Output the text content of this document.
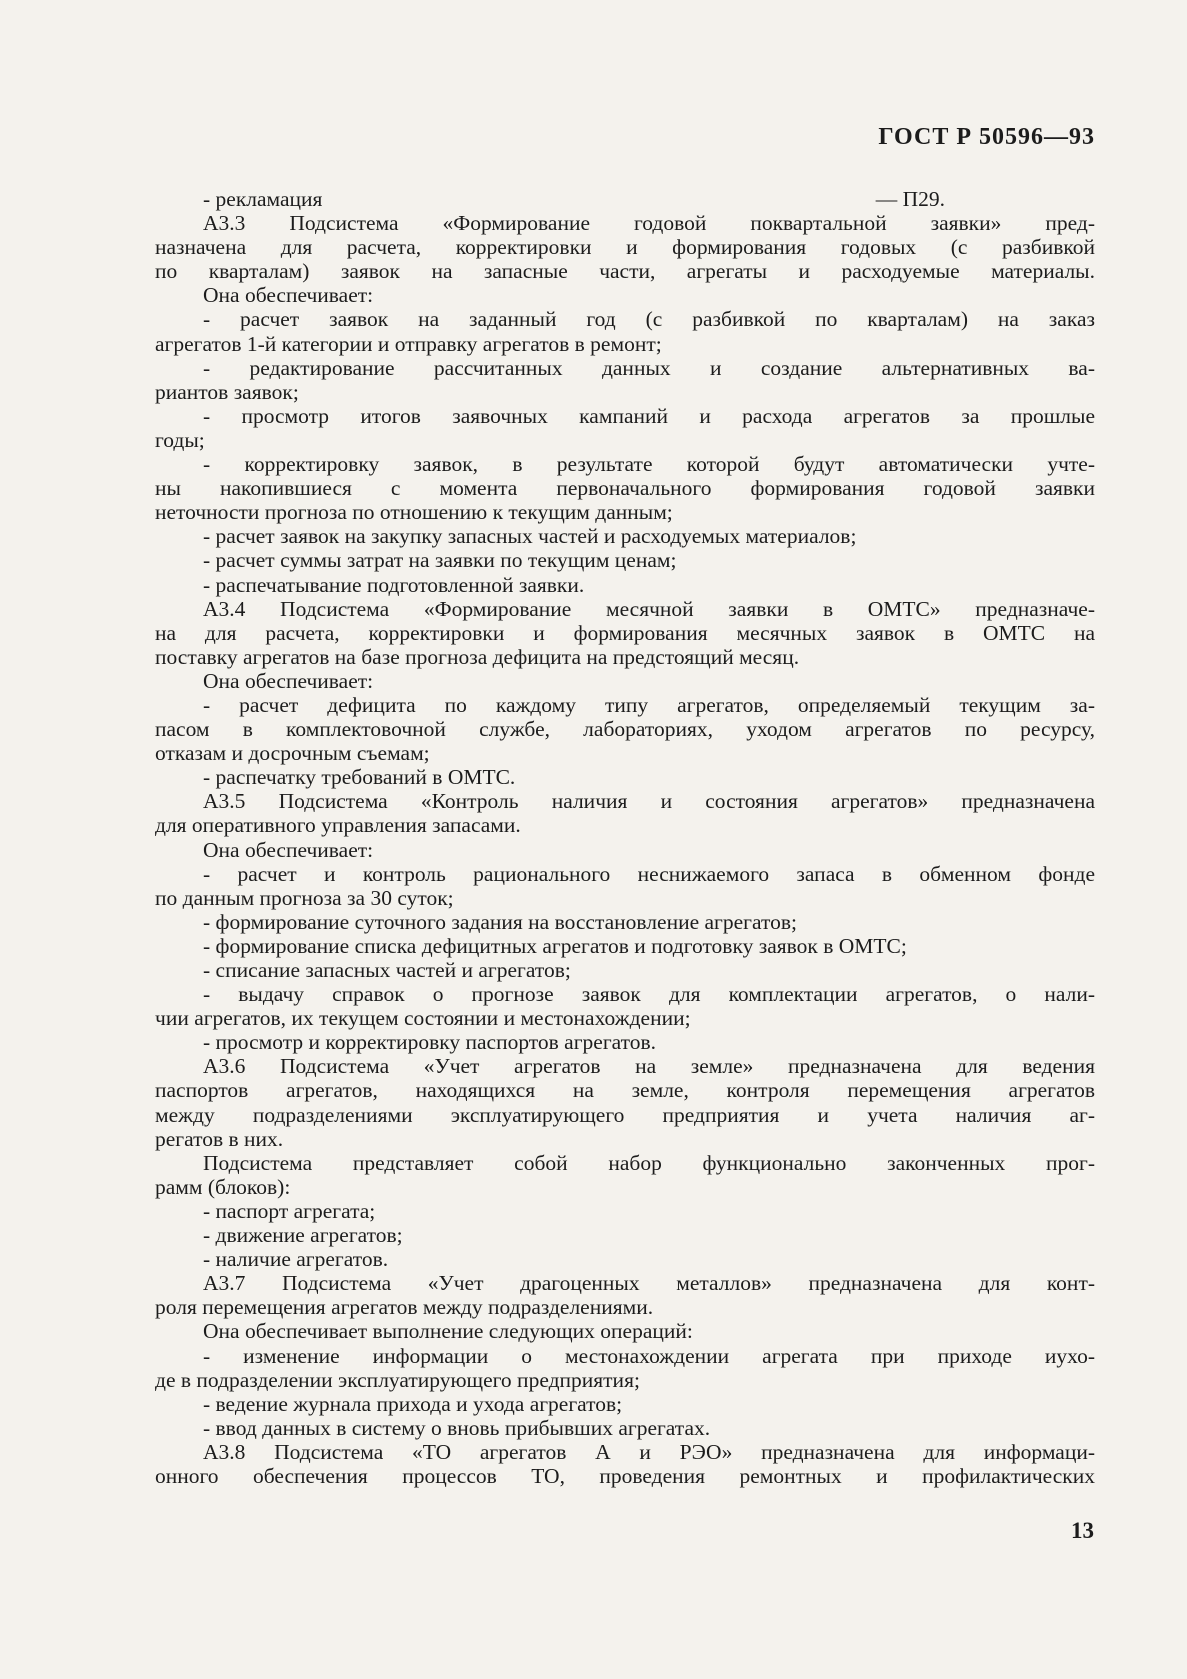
ГОСТ Р 50596—93
- рекламация	— П29.
А3.3 Подсистема «Формирование годовой поквартальной заявки» пред-
назначена для расчета, корректировки и формирования годовых (с разбивкой
по кварталам) заявок на запасные части, агрегаты и расходуемые материалы.
Она обеспечивает:
- расчет заявок на заданный год (с разбивкой по кварталам) на заказ
агрегатов 1-й категории и отправку агрегатов в ремонт;
- редактирование рассчитанных данных и создание альтернативных ва-
риантов заявок;
- просмотр итогов заявочных кампаний и расхода агрегатов за прошлые
годы;
- корректировку заявок, в результате которой будут автоматически учте-
ны накопившиеся с момента первоначального формирования годовой заявки
неточности прогноза по отношению к текущим данным;
- расчет заявок на закупку запасных частей и расходуемых материалов;
- расчет суммы затрат на заявки по текущим ценам;
- распечатывание подготовленной заявки.
А3.4 Подсистема «Формирование месячной заявки в ОМТС» предназначе-
на для расчета, корректировки и формирования месячных заявок в ОМТС на
поставку агрегатов на базе прогноза дефицита на предстоящий месяц.
Она обеспечивает:
- расчет дефицита по каждому типу агрегатов, определяемый текущим за-
пасом в комплектовочной службе, лабораториях, уходом агрегатов по ресурсу,
отказам и досрочным съемам;
- распечатку требований в ОМТС.
А3.5 Подсистема «Контроль наличия и состояния агрегатов» предназначена
для оперативного управления запасами.
Она обеспечивает:
- расчет и контроль рационального неснижаемого запаса в обменном фонде
по данным прогноза за 30 суток;
- формирование суточного задания на восстановление агрегатов;
- формирование списка дефицитных агрегатов и подготовку заявок в ОМТС;
- списание запасных частей и агрегатов;
- выдачу справок о прогнозе заявок для комплектации агрегатов, о нали-
чии агрегатов, их текущем состоянии и местонахождении;
- просмотр и корректировку паспортов агрегатов.
А3.6 Подсистема «Учет агрегатов на земле» предназначена для ведения
паспортов агрегатов, находящихся на земле, контроля перемещения агрегатов
между подразделениями эксплуатирующего предприятия и учета наличия аг-
регатов в них.
Подсистема представляет собой набор функционально законченных прог-
рамм (блоков):
- паспорт агрегата;
- движение агрегатов;
- наличие агрегатов.
А3.7 Подсистема «Учет драгоценных металлов» предназначена для конт-
роля перемещения агрегатов между подразделениями.
Она обеспечивает выполнение следующих операций:
- изменение информации о местонахождении агрегата при приходе иухо-
де в подразделении эксплуатирующего предприятия;
- ведение журнала прихода и ухода агрегатов;
- ввод данных в систему о вновь прибывших агрегатах.
А3.8 Подсистема «ТО агрегатов А и РЭО» предназначена для информаци-
онного обеспечения процессов ТО, проведения ремонтных и профилактических
13
